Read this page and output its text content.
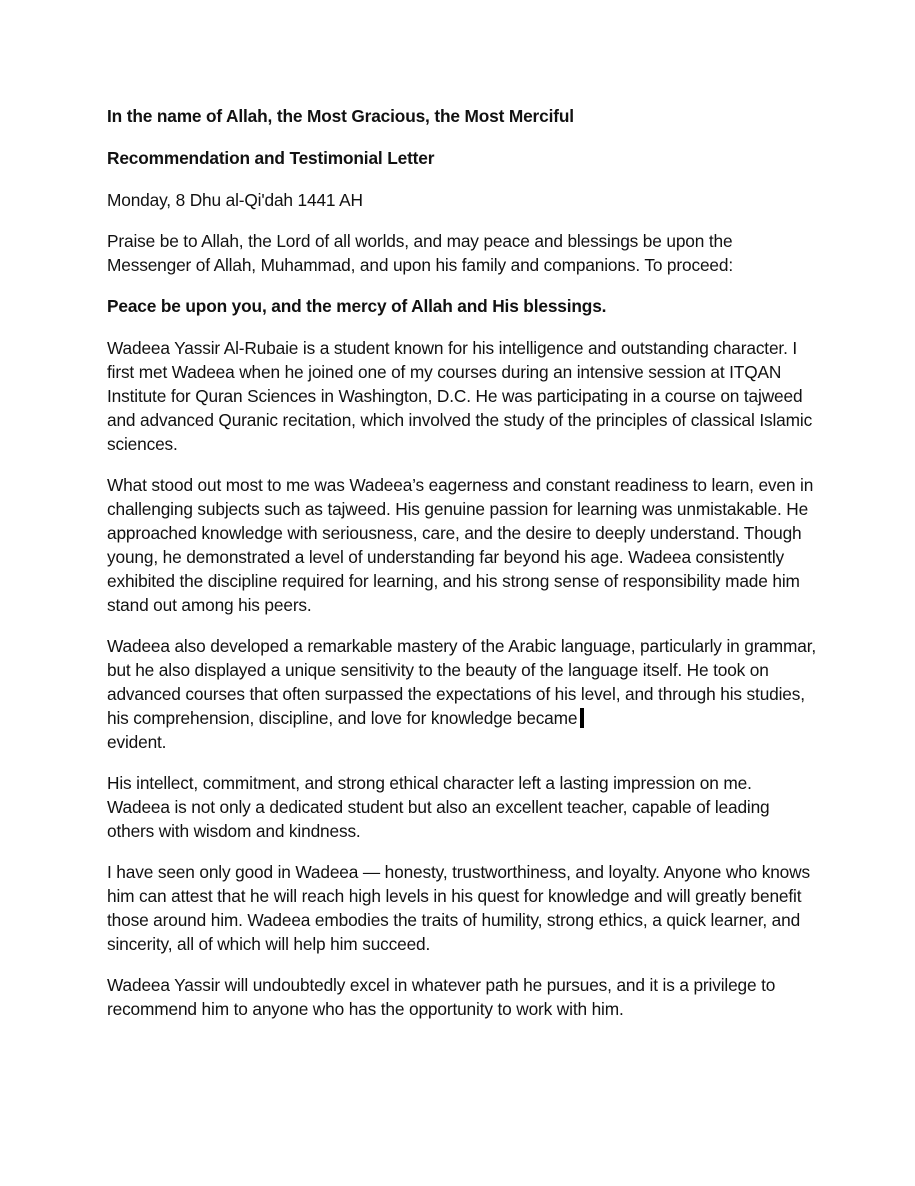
In the name of Allah, the Most Gracious, the Most Merciful

Recommendation and Testimonial Letter

Monday, 8 Dhu al-Qi'dah 1441 AH

Praise be to Allah, the Lord of all worlds, and may peace and blessings be upon the Messenger of Allah, Muhammad, and upon his family and companions. To proceed:

Peace be upon you, and the mercy of Allah and His blessings.

Wadeea Yassir Al-Rubaie is a student known for his intelligence and outstanding character. I first met Wadeea when he joined one of my courses during an intensive session at ITQAN Institute for Quran Sciences in Washington, D.C. He was participating in a course on tajweed and advanced Quranic recitation, which involved the study of the principles of classical Islamic sciences.

What stood out most to me was Wadeea’s eagerness and constant readiness to learn, even in challenging subjects such as tajweed. His genuine passion for learning was unmistakable. He approached knowledge with seriousness, care, and the desire to deeply understand. Though young, he demonstrated a level of understanding far beyond his age. Wadeea consistently exhibited the discipline required for learning, and his strong sense of responsibility made him stand out among his peers.

Wadeea also developed a remarkable mastery of the Arabic language, particularly in grammar, but he also displayed a unique sensitivity to the beauty of the language itself. He took on advanced courses that often surpassed the expectations of his level, and through his studies, his comprehension, discipline, and love for knowledge became
evident.

His intellect, commitment, and strong ethical character left a lasting impression on me. Wadeea is not only a dedicated student but also an excellent teacher, capable of leading others with wisdom and kindness.

I have seen only good in Wadeea — honesty, trustworthiness, and loyalty. Anyone who knows him can attest that he will reach high levels in his quest for knowledge and will greatly benefit those around him. Wadeea embodies the traits of humility, strong ethics, a quick learner, and sincerity, all of which will help him succeed.

Wadeea Yassir will undoubtedly excel in whatever path he pursues, and it is a privilege to recommend him to anyone who has the opportunity to work with him.
